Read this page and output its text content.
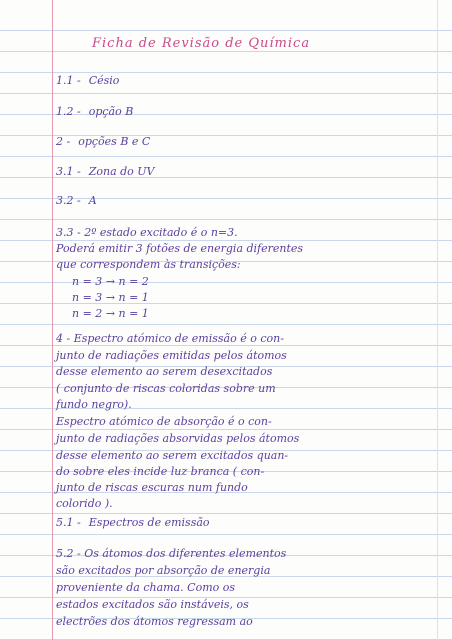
Ficha de Revisão de Química

1.1 - Césio

1.2 - opção B

2 - opções B e C

3.1 - Zona do UV

3.2 - A

3.3 - 2º estado excitado é o n=3.

Poderá emitir 3 fotões de energia diferentes

que correspondem às transições:

n = 3 → n = 2

n = 3 → n = 1

n = 2 → n = 1

4 - Espectro atómico de emissão é o con-

junto de radiações emitidas pelos átomos

desse elemento ao serem desexcitados

( conjunto de riscas coloridas sobre um

fundo negro).

Espectro atómico de absorção é o con-

junto de radiações absorvidas pelos átomos

desse elemento ao serem excitados quan-

do sobre eles incide luz branca ( con-

junto de riscas escuras num fundo

colorido ).

5.1 - Espectros de emissão

5.2 - Os átomos dos diferentes elementos

são excitados por absorção de energia

proveniente da chama. Como os

estados excitados são instáveis, os

electrões dos átomos regressam ao
